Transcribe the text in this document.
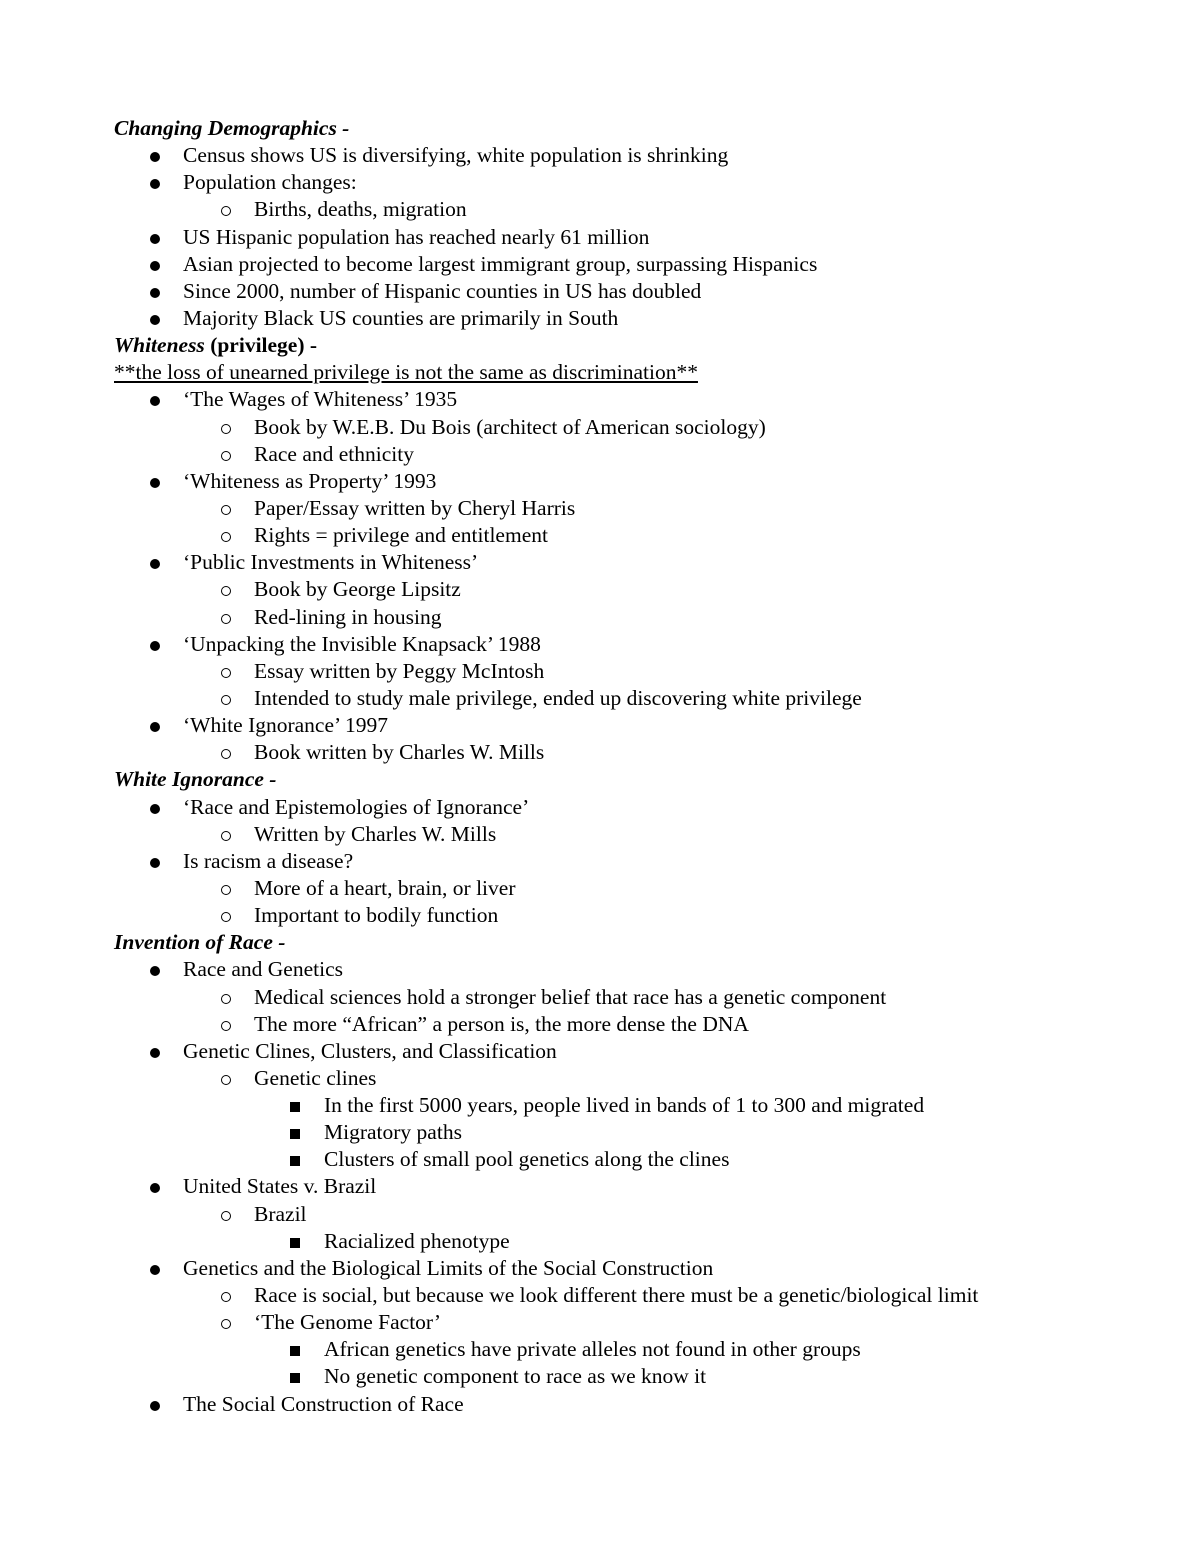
Changing Demographics -
Census shows US is diversifying, white population is shrinking
Population changes:
Births, deaths, migration
US Hispanic population has reached nearly 61 million
Asian projected to become largest immigrant group, surpassing Hispanics
Since 2000, number of Hispanic counties in US has doubled
Majority Black US counties are primarily in South
Whiteness (privilege) -
**the loss of unearned privilege is not the same as discrimination**
‘The Wages of Whiteness’ 1935
Book by W.E.B. Du Bois (architect of American sociology)
Race and ethnicity
‘Whiteness as Property’ 1993
Paper/Essay written by Cheryl Harris
Rights = privilege and entitlement
‘Public Investments in Whiteness’
Book by George Lipsitz
Red-lining in housing
‘Unpacking the Invisible Knapsack’ 1988
Essay written by Peggy McIntosh
Intended to study male privilege, ended up discovering white privilege
‘White Ignorance’ 1997
Book written by Charles W. Mills
White Ignorance -
‘Race and Epistemologies of Ignorance’
Written by Charles W. Mills
Is racism a disease?
More of a heart, brain, or liver
Important to bodily function
Invention of Race -
Race and Genetics
Medical sciences hold a stronger belief that race has a genetic component
The more “African” a person is, the more dense the DNA
Genetic Clines, Clusters, and Classification
Genetic clines
In the first 5000 years, people lived in bands of 1 to 300 and migrated
Migratory paths
Clusters of small pool genetics along the clines
United States v. Brazil
Brazil
Racialized phenotype
Genetics and the Biological Limits of the Social Construction
Race is social, but because we look different there must be a genetic/biological limit
‘The Genome Factor’
African genetics have private alleles not found in other groups
No genetic component to race as we know it
The Social Construction of Race
